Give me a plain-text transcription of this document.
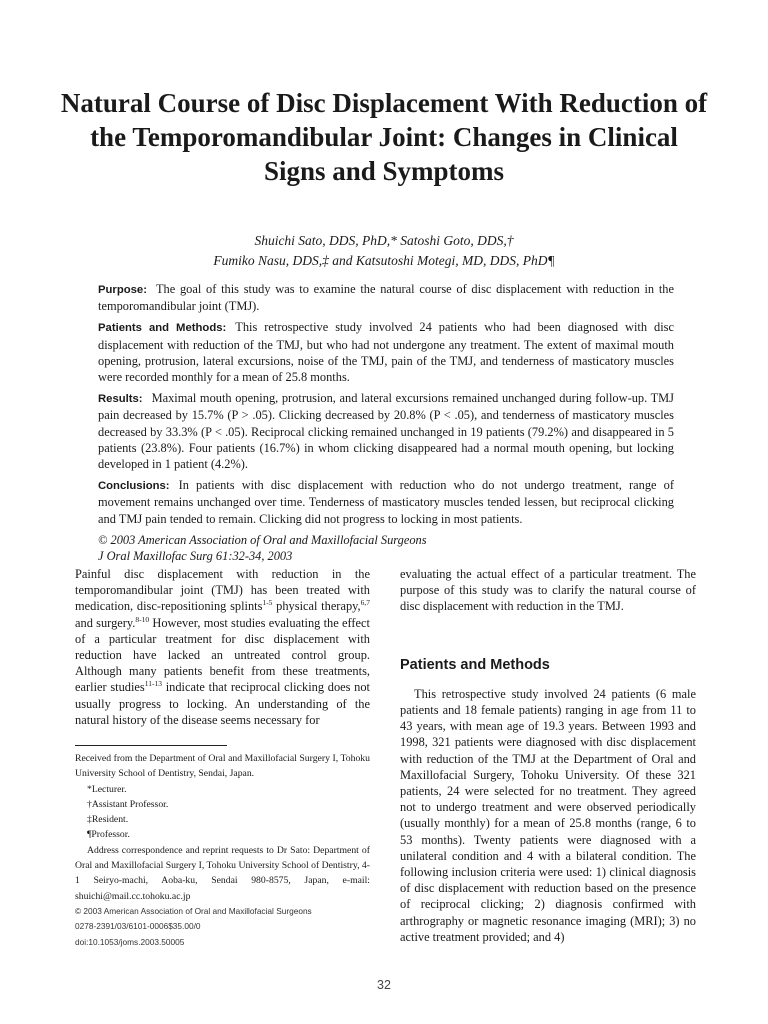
Natural Course of Disc Displacement With Reduction of the Temporomandibular Joint: Changes in Clinical Signs and Symptoms
Shuichi Sato, DDS, PhD,* Satoshi Goto, DDS,†
Fumiko Nasu, DDS,‡ and Katsutoshi Motegi, MD, DDS, PhD¶

Purpose: The goal of this study was to examine the natural course of disc displacement with reduction in the temporomandibular joint (TMJ).

Patients and Methods: This retrospective study involved 24 patients who had been diagnosed with disc displacement with reduction of the TMJ, but who had not undergone any treatment. The extent of maximal mouth opening, protrusion, lateral excursions, noise of the TMJ, pain of the TMJ, and tenderness of masticatory muscles were recorded monthly for a mean of 25.8 months.

Results: Maximal mouth opening, protrusion, and lateral excursions remained unchanged during follow-up. TMJ pain decreased by 15.7% (P > .05). Clicking decreased by 20.8% (P < .05), and tenderness of masticatory muscles decreased by 33.3% (P < .05). Reciprocal clicking remained unchanged in 19 patients (79.2%) and disappeared in 5 patients (23.8%). Four patients (16.7%) in whom clicking disappeared had a normal mouth opening, but locking developed in 1 patient (4.2%).

Conclusions: In patients with disc displacement with reduction who do not undergo treatment, range of movement remains unchanged over time. Tenderness of masticatory muscles tended lessen, but reciprocal clicking and TMJ pain tended to remain. Clicking did not progress to locking in most patients.

© 2003 American Association of Oral and Maxillofacial Surgeons
J Oral Maxillofac Surg 61:32-34, 2003

Painful disc displacement with reduction in the temporomandibular joint (TMJ) has been treated with medication, disc-repositioning splints$^{1-5}$ physical therapy,$^{6,7}$ and surgery.$^{8-10}$ However, most studies evaluating the effect of a particular treatment for disc displacement with reduction have lacked an untreated control group. Although many patients benefit from these treatments, earlier studies$^{11-13}$ indicate that reciprocal clicking does not usually progress to locking. An understanding of the natural history of the disease seems necessary for

evaluating the actual effect of a particular treatment. The purpose of this study was to clarify the natural course of disc displacement with reduction in the TMJ.

Patients and Methods

This retrospective study involved 24 patients (6 male patients and 18 female patients) ranging in age from 11 to 43 years, with mean age of 19.3 years. Between 1993 and 1998, 321 patients were diagnosed with disc displacement with reduction of the TMJ at the Department of Oral and Maxillofacial Surgery, Tohoku University. Of these 321 patients, 24 were selected for no treatment. They agreed not to undergo treatment and were observed periodically (usually monthly) for a mean of 25.8 months (range, 6 to 53 months). Twenty patients were diagnosed with a unilateral condition and 4 with a bilateral condition. The following inclusion criteria were used: 1) clinical diagnosis of disc displacement with reduction based on the presence of reciprocal clicking; 2) diagnosis confirmed with arthrography or magnetic resonance imaging (MRI); 3) no active treatment provided; and 4)

Received from the Department of Oral and Maxillofacial Surgery I, Tohoku University School of Dentistry, Sendai, Japan.

*Lecturer.

†Assistant Professor.

‡Resident.

¶Professor.

Address correspondence and reprint requests to Dr Sato: Department of Oral and Maxillofacial Surgery I, Tohoku University School of Dentistry, 4-1 Seiryo-machi, Aoba-ku, Sendai 980-8575, Japan, e-mail: shuichi@mail.cc.tohoku.ac.jp

© 2003 American Association of Oral and Maxillofacial Surgeons

0278-2391/03/6101-0006$35.00/0

doi:10.1053/joms.2003.50005

32
